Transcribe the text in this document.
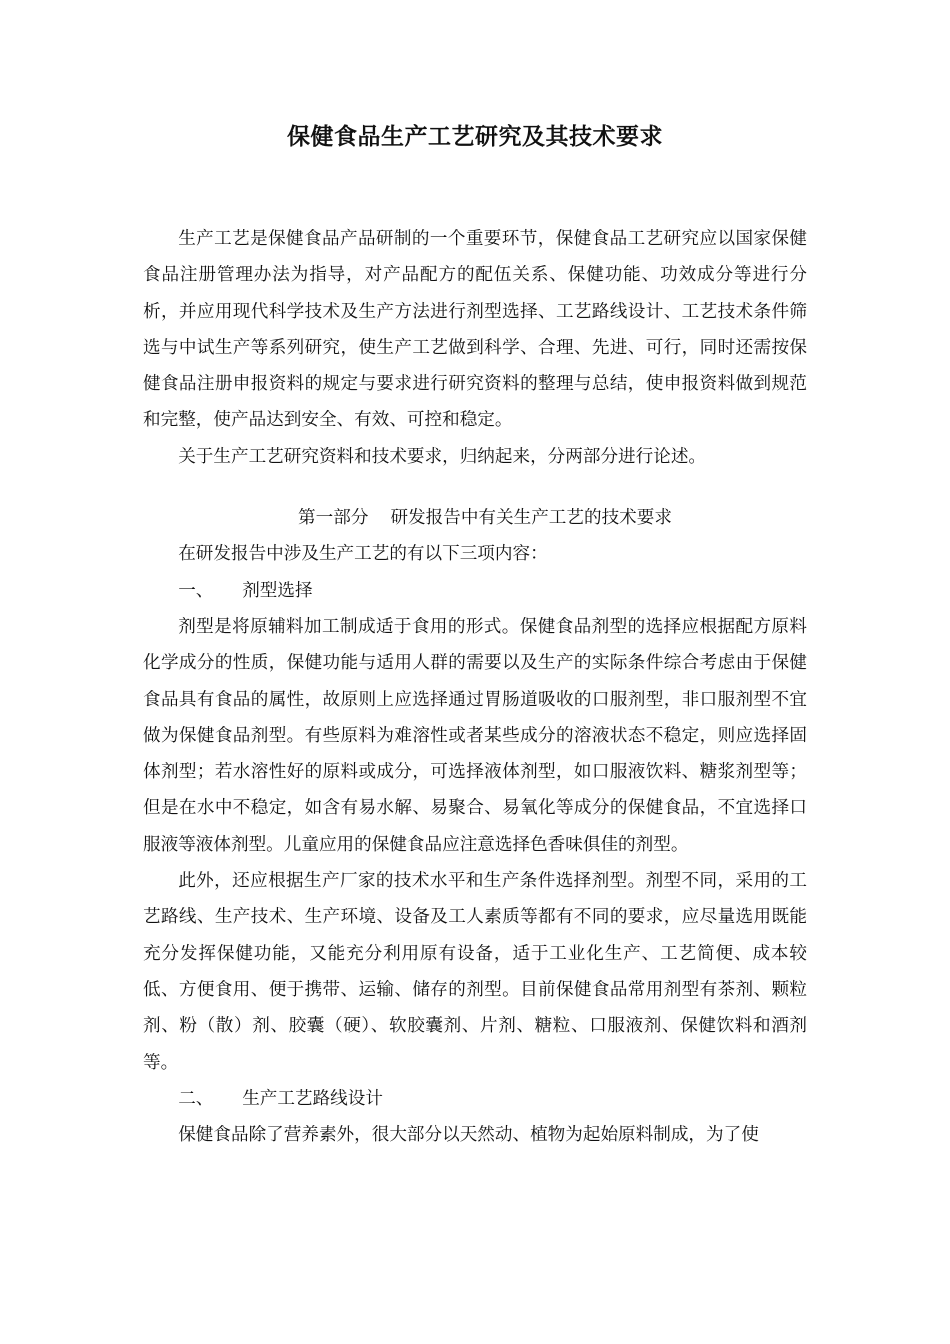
保健食品生产工艺研究及其技术要求

生产工艺是保健食品产品研制的一个重要环节，保健食品工艺研究应以国家保健食品注册管理办法为指导，对产品配方的配伍关系、保健功能、功效成分等进行分析，并应用现代科学技术及生产方法进行剂型选择、工艺路线设计、工艺技术条件筛选与中试生产等系列研究，使生产工艺做到科学、合理、先进、可行，同时还需按保健食品注册申报资料的规定与要求进行研究资料的整理与总结，使申报资料做到规范和完整，使产品达到安全、有效、可控和稳定。

关于生产工艺研究资料和技术要求，归纳起来，分两部分进行论述。

第一部分 研发报告中有关生产工艺的技术要求

在研发报告中涉及生产工艺的有以下三项内容：

一、 剂型选择

剂型是将原辅料加工制成适于食用的形式。保健食品剂型的选择应根据配方原料化学成分的性质，保健功能与适用人群的需要以及生产的实际条件综合考虑由于保健食品具有食品的属性，故原则上应选择通过胃肠道吸收的口服剂型，非口服剂型不宜做为保健食品剂型。有些原料为难溶性或者某些成分的溶液状态不稳定，则应选择固体剂型；若水溶性好的原料或成分，可选择液体剂型，如口服液饮料、糖浆剂型等；但是在水中不稳定，如含有易水解、易聚合、易氧化等成分的保健食品，不宜选择口服液等液体剂型。儿童应用的保健食品应注意选择色香味俱佳的剂型。

此外，还应根据生产厂家的技术水平和生产条件选择剂型。剂型不同，采用的工艺路线、生产技术、生产环境、设备及工人素质等都有不同的要求，应尽量选用既能充分发挥保健功能，又能充分利用原有设备，适于工业化生产、工艺简便、成本较低、方便食用、便于携带、运输、储存的剂型。目前保健食品常用剂型有茶剂、颗粒剂、粉（散）剂、胶囊（硬）、软胶囊剂、片剂、糖粒、口服液剂、保健饮料和酒剂等。

二、 生产工艺路线设计

保健食品除了营养素外，很大部分以天然动、植物为起始原料制成，为了使
